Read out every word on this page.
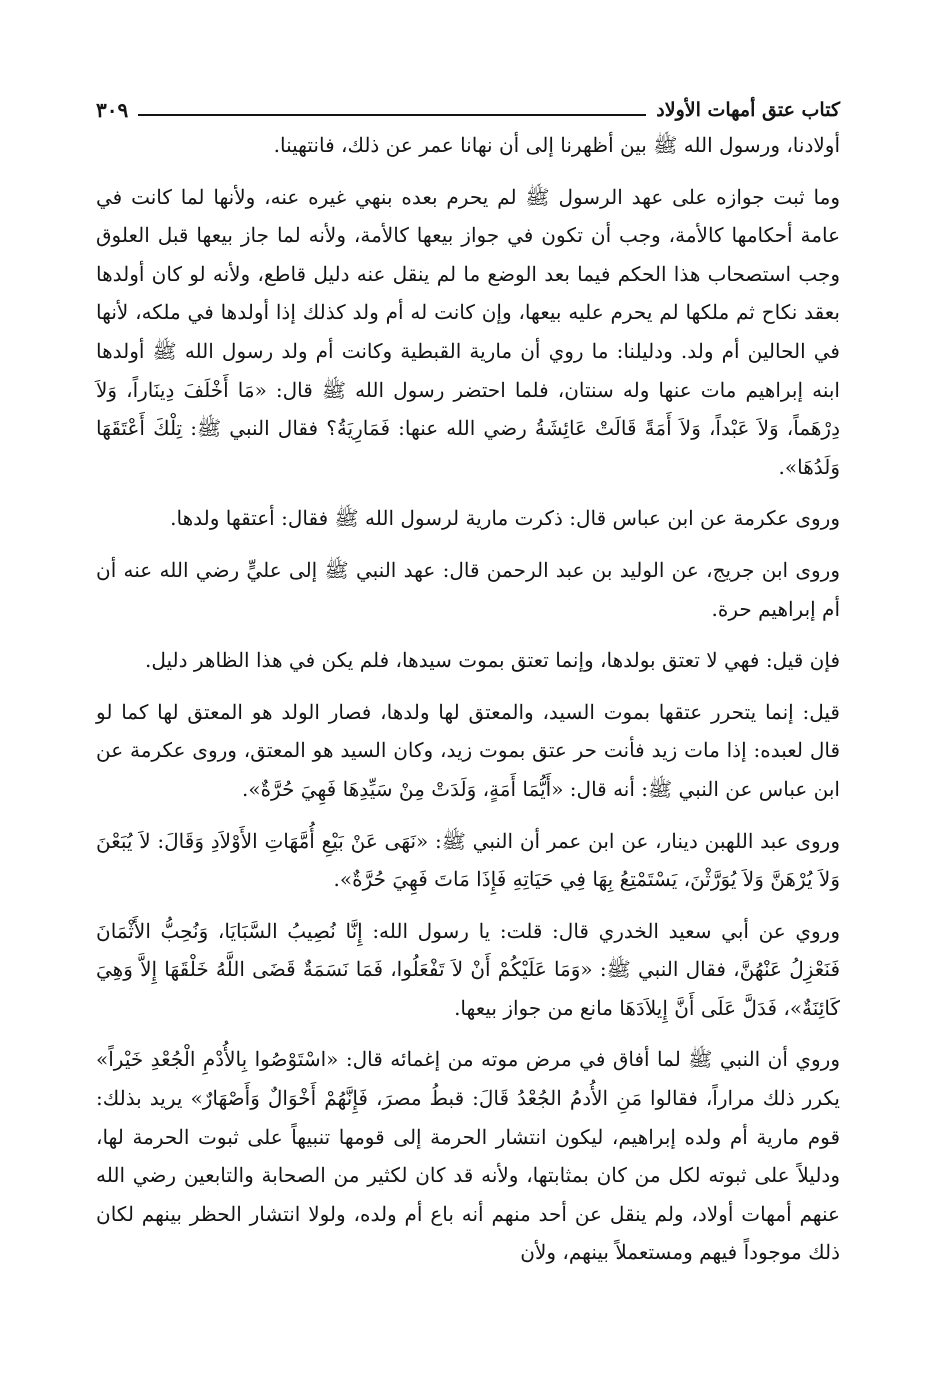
كتاب عتق أمهات الأولاد
٣٠٩

أولادنا، ورسول الله ﷺ بين أظهرنا إلى أن نهانا عمر عن ذلك، فانتهينا.

وما ثبت جوازه على عهد الرسول ﷺ لم يحرم بعده بنهي غيره عنه، ولأنها لما كانت في عامة أحكامها كالأمة، وجب أن تكون في جواز بيعها كالأمة، ولأنه لما جاز بيعها قبل العلوق وجب استصحاب هذا الحكم فيما بعد الوضع ما لم ينقل عنه دليل قاطع، ولأنه لو كان أولدها بعقد نكاح ثم ملكها لم يحرم عليه بيعها، وإن كانت له أم ولد كذلك إذا أولدها في ملكه، لأنها في الحالين أم ولد. ودليلنا: ما روي أن مارية القبطية وكانت أم ولد رسول الله ﷺ أولدها ابنه إبراهيم مات عنها وله سنتان، فلما احتضر رسول الله ﷺ قال: «مَا أَخْلَفَ دِينَاراً، وَلاَ دِرْهَماً، وَلاَ عَبْداً، وَلاَ أَمَةً قَالَتْ عَائِشَةُ رضي الله عنها: فَمَارِيَةُ؟ فقال النبي ﷺ: تِلْكَ أَعْتَقَهَا وَلَدُهَا».

وروى عكرمة عن ابن عباس قال: ذكرت مارية لرسول الله ﷺ فقال: أعتقها ولدها.

وروى ابن جريج، عن الوليد بن عبد الرحمن قال: عهد النبي ﷺ إلى عليٍّ رضي الله عنه أن أم إبراهيم حرة.

فإن قيل: فهي لا تعتق بولدها، وإنما تعتق بموت سيدها، فلم يكن في هذا الظاهر دليل.

قيل: إنما يتحرر عتقها بموت السيد، والمعتق لها ولدها، فصار الولد هو المعتق لها كما لو قال لعبده: إذا مات زيد فأنت حر عتق بموت زيد، وكان السيد هو المعتق، وروى عكرمة عن ابن عباس عن النبي ﷺ: أنه قال: «أَيُّمَا أَمَةٍ، وَلَدَتْ مِنْ سَيِّدِهَا فَهِيَ حُرَّةٌ».

وروى عبد اللهبن دينار، عن ابن عمر أن النبي ﷺ: «نَهَى عَنْ بَيْعِ أُمَّهَاتِ الأَوْلاَدِ وَقَالَ: لاَ يُبَعْنَ وَلاَ يُرْهَنَّ وَلاَ يُوَرَّثْنَ، يَسْتَمْتِعُ بِهَا فِي حَيَاتِهِ فَإِذَا مَاتَ فَهِيَ حُرَّةٌ».

وروي عن أبي سعيد الخدري قال: قلت: يا رسول الله: إِنَّا نُصِيبُ السَّبَايَا، وَنُحِبُّ الأَثْمَانَ فَنَعْزِلُ عَنْهُنَّ، فقال النبي ﷺ: «وَمَا عَلَيْكُمْ أَنْ لاَ تَفْعَلُوا، فَمَا نَسَمَةٌ قَضَى اللَّهُ خَلْقَهَا إِلاَّ وَهِيَ كَائِنَةٌ»، فَدَلَّ عَلَى أَنَّ إِيلاَدَهَا مانع من جواز بيعها.

وروي أن النبي ﷺ لما أفاق في مرض موته من إغمائه قال: «اسْتَوْصُوا بِالأُدْمِ الْجُعْدِ خَيْراً» يكرر ذلك مراراً، فقالوا مَنِ الأُدمُ الجُعْدُ قَالَ: قبطُ مصرَ، فَإِنَّهُمْ أَخْوَالٌ وَأَصْهَارٌ» يريد بذلك: قوم مارية أم ولده إبراهيم، ليكون انتشار الحرمة إلى قومها تنبيهاً على ثبوت الحرمة لها، ودليلاً على ثبوته لكل من كان بمثابتها، ولأنه قد كان لكثير من الصحابة والتابعين رضي الله عنهم أمهات أولاد، ولم ينقل عن أحد منهم أنه باع أم ولده، ولولا انتشار الحظر بينهم لكان ذلك موجوداً فيهم ومستعملاً بينهم، ولأن
